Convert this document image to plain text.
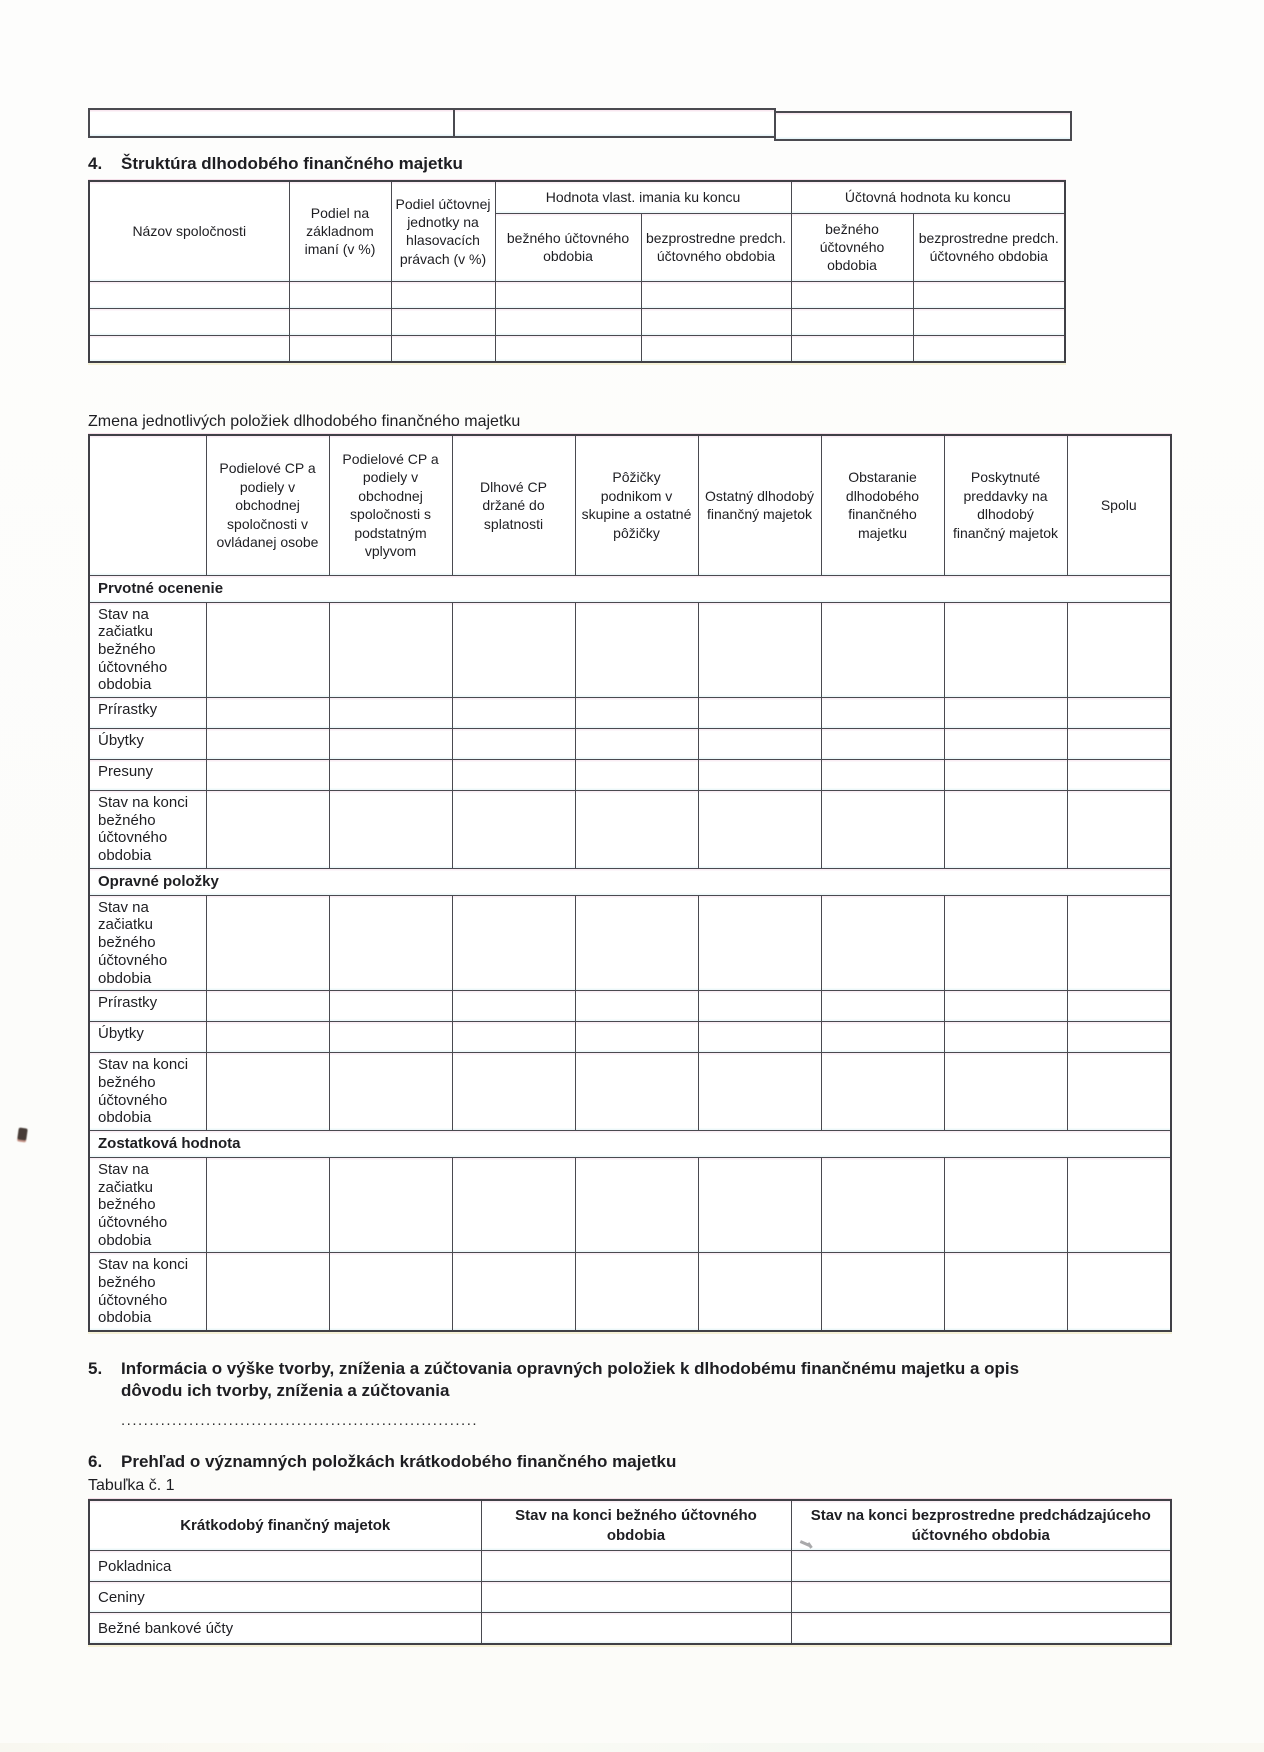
4.	Štruktúra dlhodobého finančného majetku
Názov spoločnosti	Podiel na základnom imaní (v %)	Podiel účtovnej jednotky na hlasovacích právach (v %)	Hodnota vlast. imania ku koncu		Účtovná hodnota ku koncu	
			bežného účtovného obdobia	bezprostredne predch. účtovného obdobia	bežného účtovného obdobia	bezprostredne predch. účtovného obdobia

Zmena jednotlivých položiek dlhodobého finančného majetku
	Podielové CP a podiely v obchodnej spoločnosti v ovládanej osobe	Podielové CP a podiely v obchodnej spoločnosti s podstatným vplyvom	Dlhové CP držané do splatnosti	Pôžičky podnikom v skupine a ostatné pôžičky	Ostatný dlhodobý finančný majetok	Obstaranie dlhodobého finančného majetku	Poskytnuté preddavky na dlhodobý finančný majetok	Spolu
Prvotné ocenenie								
Stav na začiatku bežného účtovného obdobia								
Prírastky								
Úbytky								
Presuny								
Stav na konci bežného účtovného obdobia								
Opravné položky								
Stav na začiatku bežného účtovného obdobia								
Prírastky								
Úbytky								
Stav na konci bežného účtovného obdobia								
Zostatková hodnota								
Stav na začiatku bežného účtovného obdobia								
Stav na konci bežného účtovného obdobia								
5.	Informácia o výške tvorby, zníženia a zúčtovania opravných položiek k dlhodobému finančnému majetku a opis dôvodu ich tvorby, zníženia a zúčtovania
...............................................................
6.	Prehľad o významných položkách krátkodobého finančného majetku
Tabuľka č. 1
Krátkodobý finančný majetok	Stav na konci bežného účtovného obdobia	Stav na konci bezprostredne predchádzajúceho účtovného obdobia
Pokladnica		
Ceniny		
Bežné bankové účty		
